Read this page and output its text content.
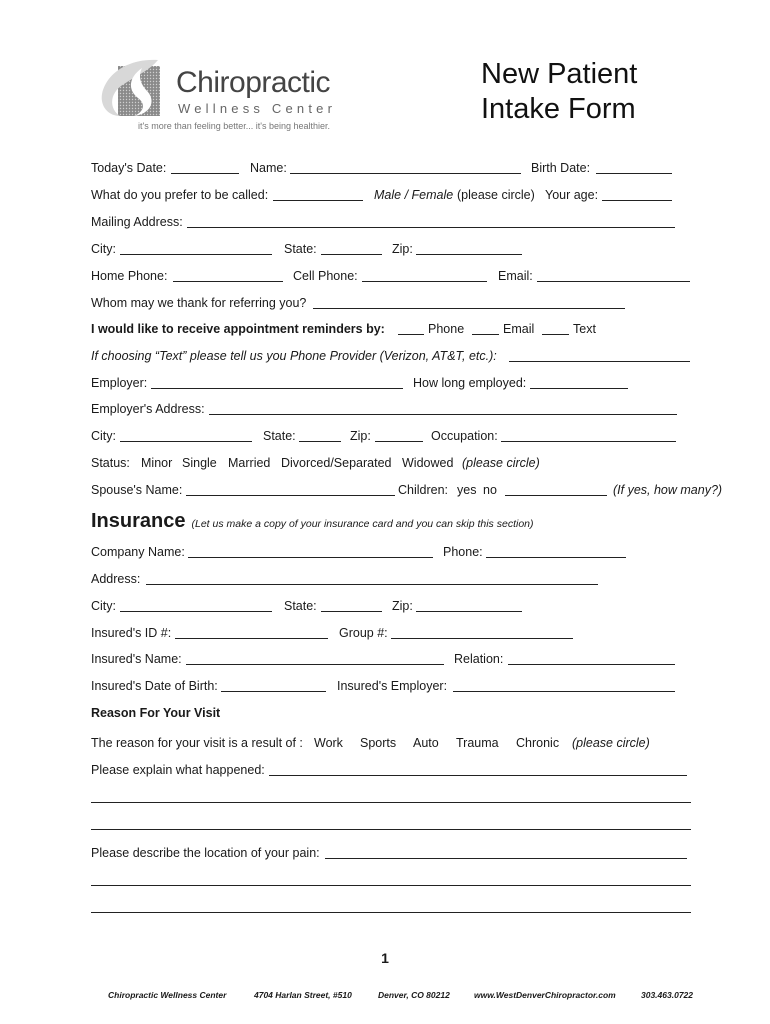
Chiropractic
Wellness Center
it's more than feeling better... it's being healthier.
New Patient
Intake Form
Today's Date:	Name:	Birth Date:
What do you prefer to be called:	Male / Female (please circle) Your age:
Mailing Address:
City:	State:	Zip:
Home Phone:	Cell Phone:	Email:
Whom may we thank for referring you?
I would like to receive appointment reminders by:	Phone	Email	Text
If choosing “Text” please tell us you Phone Provider (Verizon, AT&T, etc.):
Employer:	How long employed:
Employer's Address:
City:	State:	Zip:	Occupation:
Status: Minor Single Married Divorced/Separated Widowed (please circle)
Spouse's Name:	Children: yes no	(If yes, how many?)
Insurance (Let us make a copy of your insurance card and you can skip this section)
Company Name:	Phone:
Address:
City:	State:	Zip:
Insured's ID #:	Group #:
Insured's Name:	Relation:
Insured's Date of Birth:	Insured's Employer:
Reason For Your Visit
The reason for your visit is a result of : Work Sports Auto Trauma Chronic (please circle)
Please explain what happened:
Please describe the location of your pain:
1
Chiropractic Wellness Center	4704 Harlan Street, #510	Denver, CO 80212	www.WestDenverChiropractor.com	303.463.0722
